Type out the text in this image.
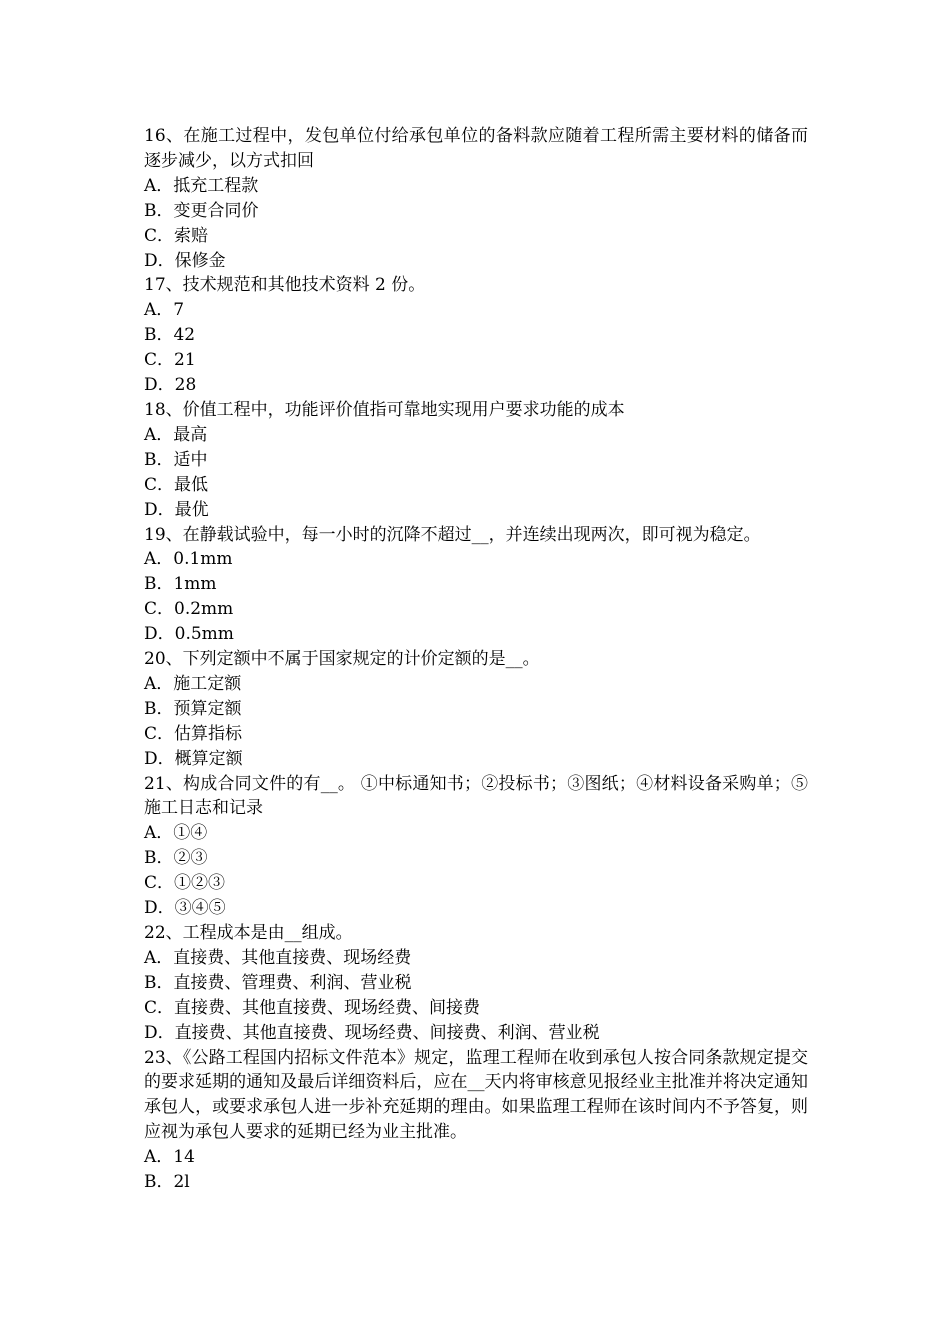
16、在施工过程中，发包单位付给承包单位的备料款应随着工程所需主要材料的储备而逐步减少，以方式扣回

A．抵充工程款

B．变更合同价

C．索赔

D．保修金

17、技术规范和其他技术资料 2 份。

A．7

B．42

C．21

D．28

18、价值工程中，功能评价值指可靠地实现用户要求功能的成本

A．最高

B．适中

C．最低

D．最优

19、在静载试验中，每一小时的沉降不超过__，并连续出现两次，即可视为稳定。

A．0.1mm

B．1mm

C．0.2mm

D．0.5mm

20、下列定额中不属于国家规定的计价定额的是__。

A．施工定额

B．预算定额

C．估算指标

D．概算定额

21、构成合同文件的有__。 ①中标通知书；②投标书；③图纸；④材料设备采购单；⑤施工日志和记录

A．①④

B．②③

C．①②③

D．③④⑤

22、工程成本是由__组成。

A．直接费、其他直接费、现场经费

B．直接费、管理费、利润、营业税

C．直接费、其他直接费、现场经费、间接费

D．直接费、其他直接费、现场经费、间接费、利润、营业税

23、《公路工程国内招标文件范本》规定，监理工程师在收到承包人按合同条款规定提交的要求延期的通知及最后详细资料后，应在__天内将审核意见报经业主批准并将决定通知承包人，或要求承包人进一步补充延期的理由。如果监理工程师在该时间内不予答复，则应视为承包人要求的延期已经为业主批准。

A．14

B．2l
